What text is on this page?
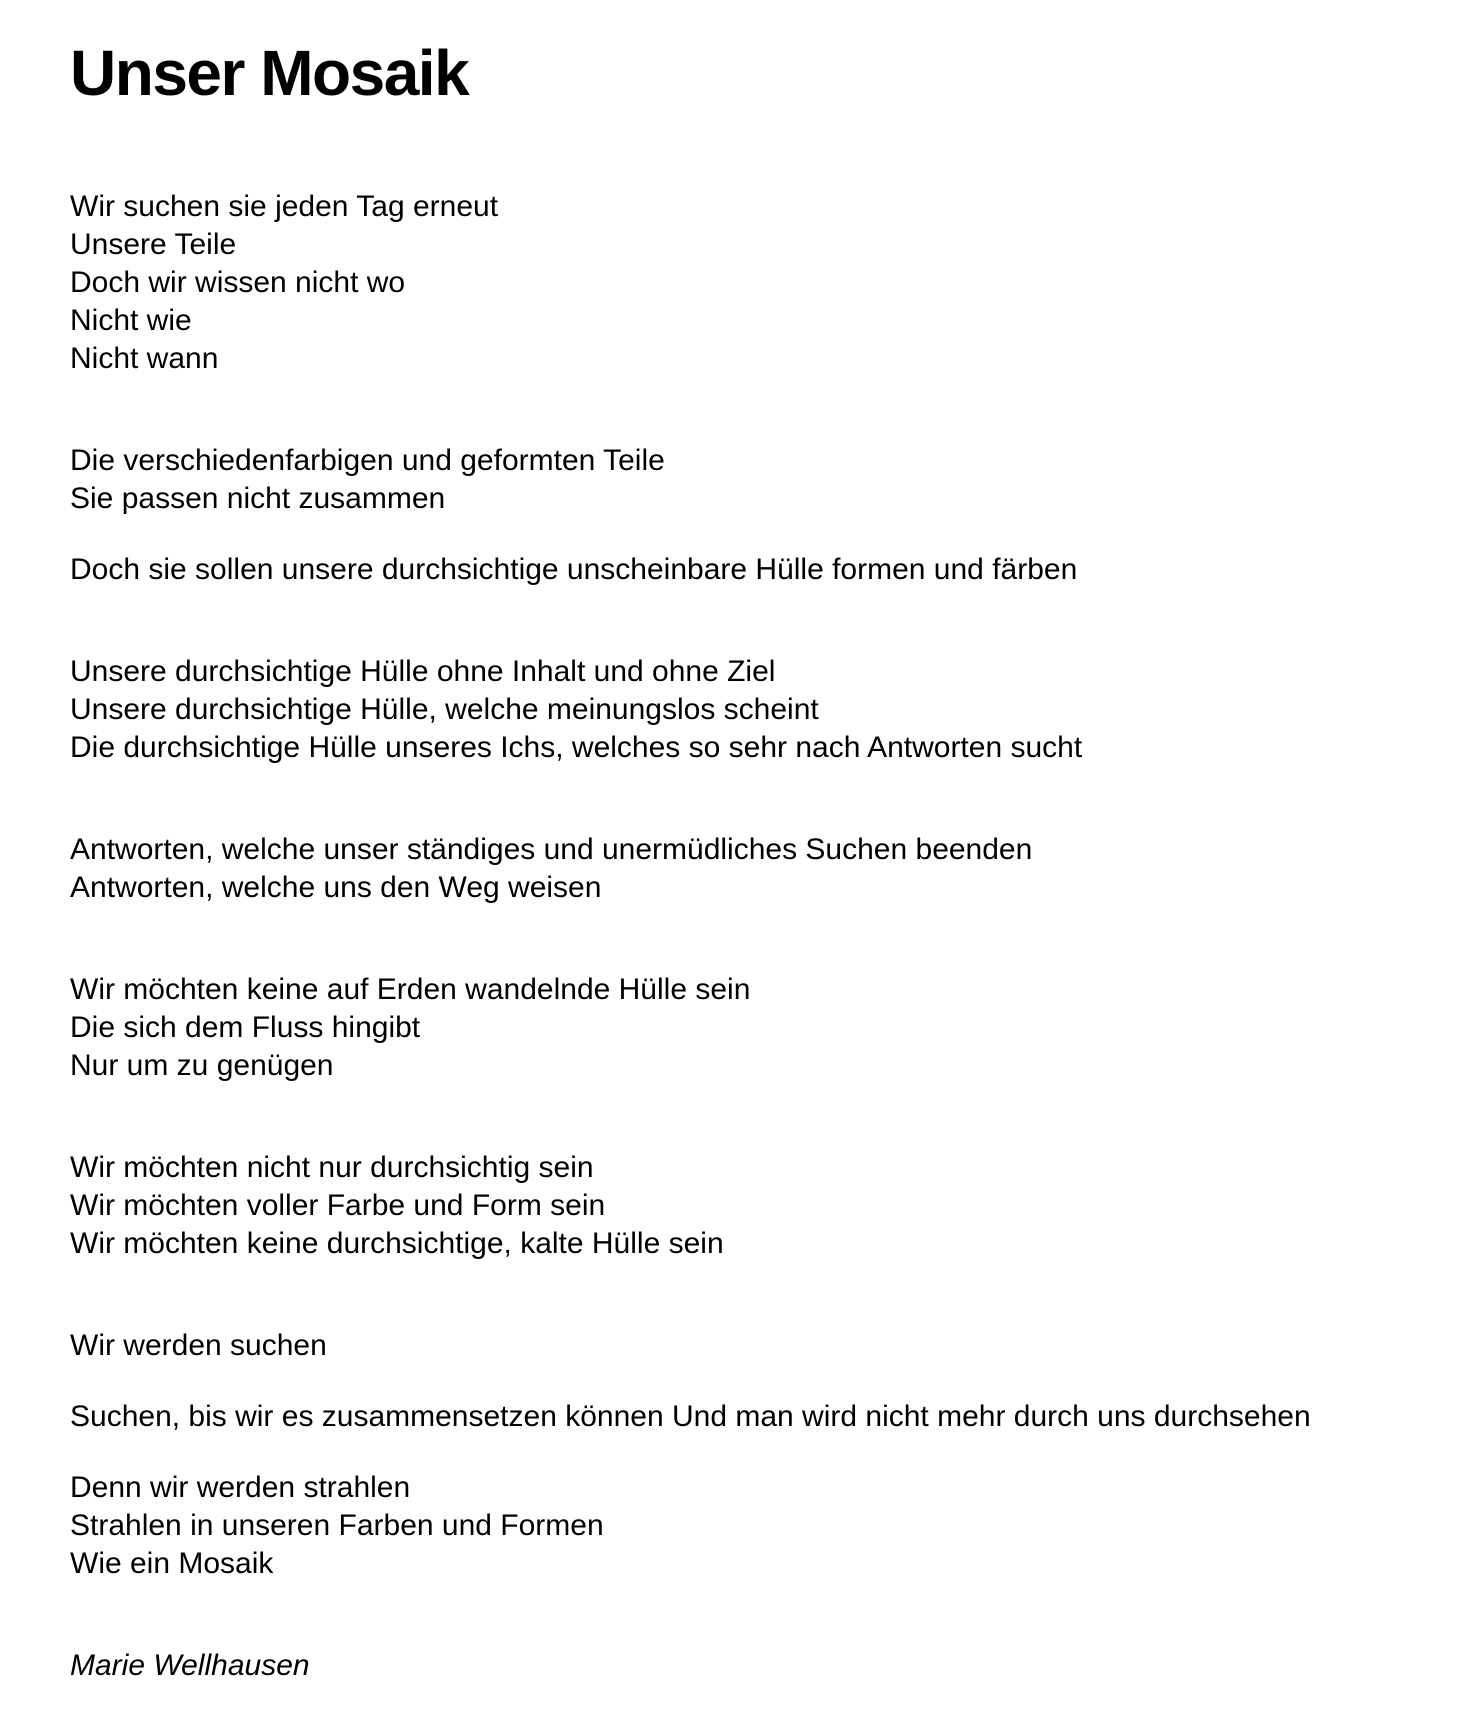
Unser Mosaik

Wir suchen sie jeden Tag erneut
Unsere Teile
Doch wir wissen nicht wo
Nicht wie
Nicht wann

Die verschiedenfarbigen und geformten Teile
Sie passen nicht zusammen

Doch sie sollen unsere durchsichtige unscheinbare Hülle formen und färben

Unsere durchsichtige Hülle ohne Inhalt und ohne Ziel
Unsere durchsichtige Hülle, welche meinungslos scheint
Die durchsichtige Hülle unseres Ichs, welches so sehr nach Antworten sucht

Antworten, welche unser ständiges und unermüdliches Suchen beenden
Antworten, welche uns den Weg weisen

Wir möchten keine auf Erden wandelnde Hülle sein
Die sich dem Fluss hingibt
Nur um zu genügen

Wir möchten nicht nur durchsichtig sein
Wir möchten voller Farbe und Form sein
Wir möchten keine durchsichtige, kalte Hülle sein

Wir werden suchen

Suchen, bis wir es zusammensetzen können Und man wird nicht mehr durch uns durchsehen

Denn wir werden strahlen
Strahlen in unseren Farben und Formen
Wie ein Mosaik

Marie Wellhausen
